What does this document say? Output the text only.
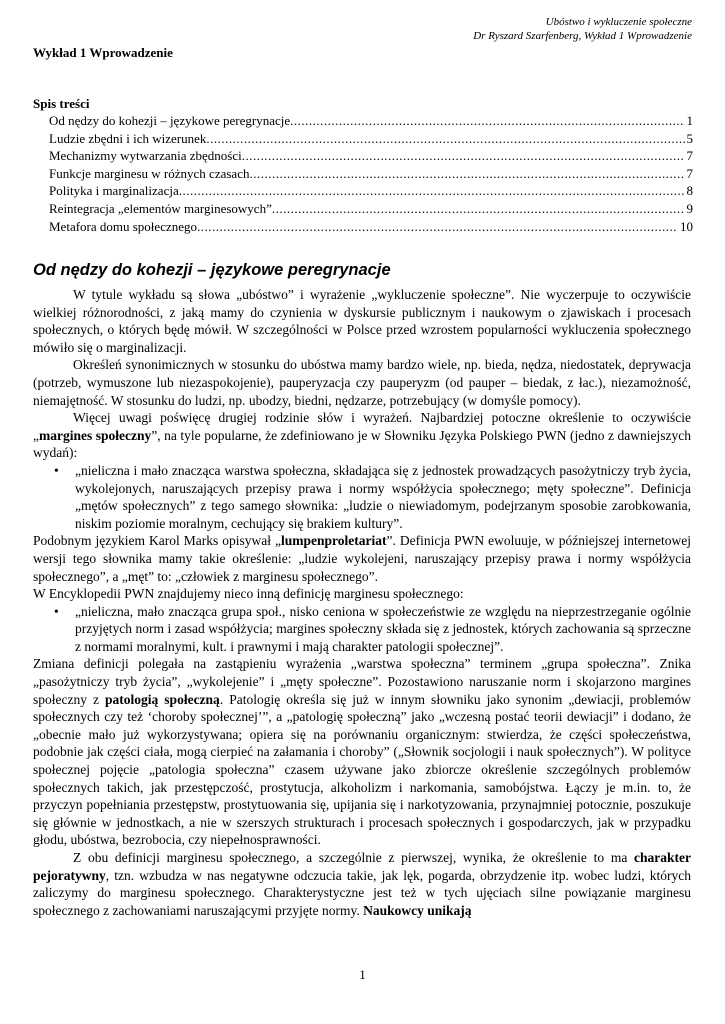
Ubóstwo i wykluczenie społeczne
Dr Ryszard Szarfenberg, Wykład 1 Wprowadzenie
Wykład 1 Wprowadzenie
Spis treści
Od nędzy do kohezji – językowe peregrynacje .....	1
Ludzie zbędni i ich wizerunek .....	5
Mechanizmy wytwarzania zbędności .....	7
Funkcje marginesu w różnych czasach .....	7
Polityka i marginalizacja .....	8
Reintegracja „elementów marginesowych” .....	9
Metafora domu społecznego .....	10
Od nędzy do kohezji – językowe peregrynacje

W tytule wykładu są słowa „ubóstwo” i wyrażenie „wykluczenie społeczne”. Nie wyczerpuje to oczywiście wielkiej różnorodności, z jaką mamy do czynienia w dyskursie publicznym i naukowym o zjawiskach i procesach społecznych, o których będę mówił. W szczególności w Polsce przed wzrostem popularności wykluczenia społecznego mówiło się o marginalizacji.

Określeń synonimicznych w stosunku do ubóstwa mamy bardzo wiele, np. bieda, nędza, niedostatek, deprywacja (potrzeb, wymuszone lub niezaspokojenie), pauperyzacja czy pauperyzm (od pauper – biedak, z łac.), niezamożność, niemajętność. W stosunku do ludzi, np. ubodzy, biedni, nędzarze, potrzebujący (w domyśle pomocy).

Więcej uwagi poświęcę drugiej rodzinie słów i wyrażeń. Najbardziej potoczne określenie to oczywiście „margines społeczny”, na tyle popularne, że zdefiniowano je w Słowniku Języka Polskiego PWN (jedno z dawniejszych wydań):

• „nieliczna i mało znacząca warstwa społeczna, składająca się z jednostek prowadzących pasożytniczy tryb życia, wykolejonych, naruszających przepisy prawa i normy współżycia społecznego; męty społeczne”. Definicja „mętów społecznych” z tego samego słownika: „ludzie o niewiadomym, podejrzanym sposobie zarobkowania, niskim poziomie moralnym, cechujący się brakiem kultury”.

Podobnym językiem Karol Marks opisywał „lumpenproletariat”. Definicja PWN ewoluuje, w późniejszej internetowej wersji tego słownika mamy takie określenie: „ludzie wykolejeni, naruszający przepisy prawa i normy współżycia społecznego”, a „męt” to: „człowiek z marginesu społecznego”.

W Encyklopedii PWN znajdujemy nieco inną definicję marginesu społecznego:

• „nieliczna, mało znacząca grupa społ., nisko ceniona w społeczeństwie ze względu na nieprzestrzeganie ogólnie przyjętych norm i zasad współżycia; margines społeczny składa się z jednostek, których zachowania są sprzeczne z normami moralnymi, kult. i prawnymi i mają charakter patologii społecznej”.

Zmiana definicji polegała na zastąpieniu wyrażenia „warstwa społeczna” terminem „grupa społeczna”. Znika „pasożytniczy tryb życia”, „wykolejenie” i „męty społeczne”. Pozostawiono naruszanie norm i skojarzono margines społeczny z patologią społeczną. Patologię określa się już w innym słowniku jako synonim „dewiacji, problemów społecznych czy też ‘choroby społecznej’”, a „patologię społeczną” jako „wczesną postać teorii dewiacji” i dodano, że „obecnie mało już wykorzystywana; opiera się na porównaniu organicznym: stwierdza, że części społeczeństwa, podobnie jak części ciała, mogą cierpieć na załamania i choroby” („Słownik socjologii i nauk społecznych”). W polityce społecznej pojęcie „patologia społeczna” czasem używane jako zbiorcze określenie szczególnych problemów społecznych takich, jak przestępczość, prostytucja, alkoholizm i narkomania, samobójstwa. Łączy je m.in. to, że przyczyn popełniania przestępstw, prostytuowania się, upijania się i narkotyzowania, przynajmniej potocznie, poszukuje się głównie w jednostkach, a nie w szerszych strukturach i procesach społecznych i gospodarczych, jak w przypadku głodu, ubóstwa, bezrobocia, czy niepełnosprawności.

Z obu definicji marginesu społecznego, a szczególnie z pierwszej, wynika, że określenie to ma charakter pejoratywny, tzn. wzbudza w nas negatywne odczucia takie, jak lęk, pogarda, obrzydzenie itp. wobec ludzi, których zaliczymy do marginesu społecznego. Charakterystyczne jest też w tych ujęciach silne powiązanie marginesu społecznego z zachowaniami naruszającymi przyjęte normy. Naukowcy unikają

1
